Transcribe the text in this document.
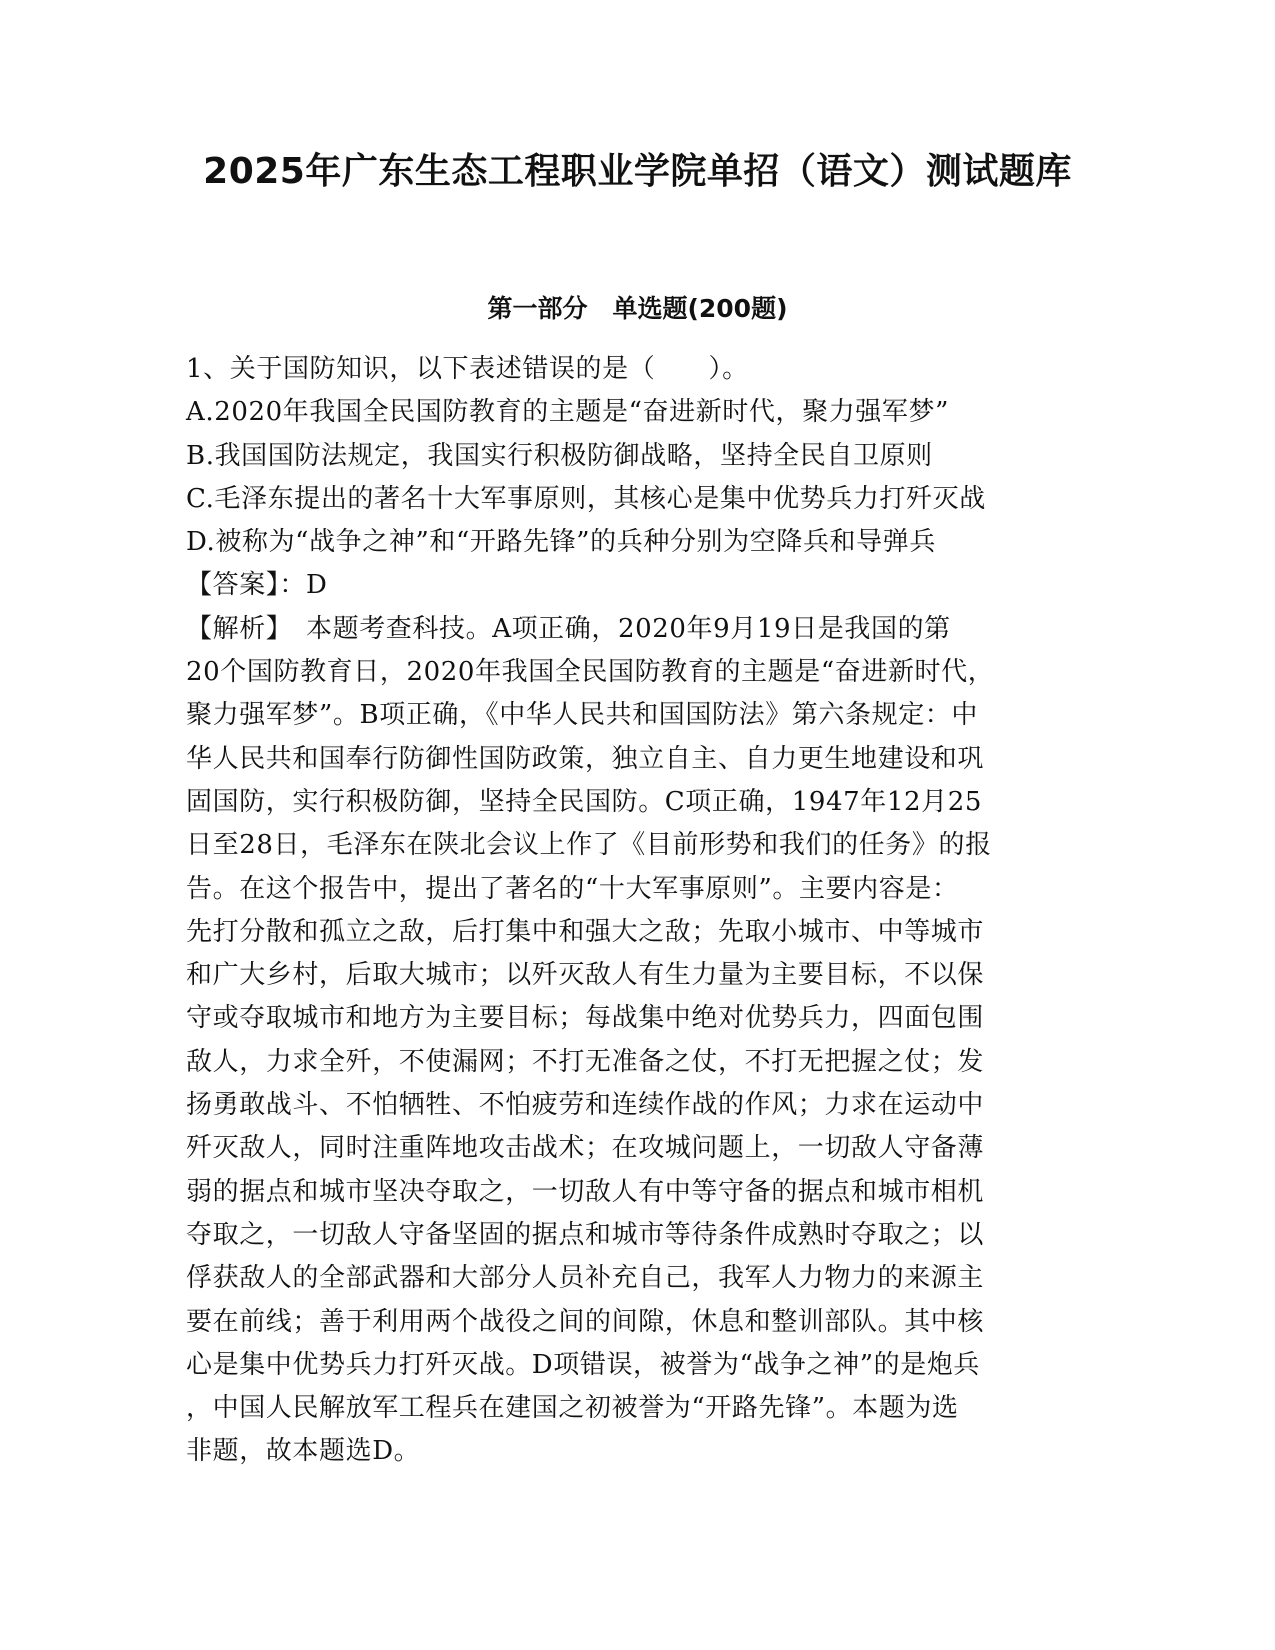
2025年广东生态工程职业学院单招（语文）测试题库
第一部分　单选题(200题)
1、关于国防知识，以下表述错误的是（　　）。
A.2020年我国全民国防教育的主题是“奋进新时代，聚力强军梦”
B.我国国防法规定，我国实行积极防御战略，坚持全民自卫原则
C.毛泽东提出的著名十大军事原则，其核心是集中优势兵力打歼灭战
D.被称为“战争之神”和“开路先锋”的兵种分别为空降兵和导弹兵
【答案】：D
【解析】　本题考查科技。A项正确，2020年9月19日是我国的第
20个国防教育日，2020年我国全民国防教育的主题是“奋进新时代，
聚力强军梦”。B项正确，《中华人民共和国国防法》第六条规定：中
华人民共和国奉行防御性国防政策，独立自主、自力更生地建设和巩
固国防，实行积极防御，坚持全民国防。C项正确，1947年12月25
日至28日，毛泽东在陕北会议上作了《目前形势和我们的任务》的报
告。在这个报告中，提出了著名的“十大军事原则”。主要内容是：
先打分散和孤立之敌，后打集中和强大之敌；先取小城市、中等城市
和广大乡村，后取大城市；以歼灭敌人有生力量为主要目标，不以保
守或夺取城市和地方为主要目标；每战集中绝对优势兵力，四面包围
敌人，力求全歼，不使漏网；不打无准备之仗，不打无把握之仗；发
扬勇敢战斗、不怕牺牲、不怕疲劳和连续作战的作风；力求在运动中
歼灭敌人，同时注重阵地攻击战术；在攻城问题上，一切敌人守备薄
弱的据点和城市坚决夺取之，一切敌人有中等守备的据点和城市相机
夺取之，一切敌人守备坚固的据点和城市等待条件成熟时夺取之；以
俘获敌人的全部武器和大部分人员补充自己，我军人力物力的来源主
要在前线；善于利用两个战役之间的间隙，休息和整训部队。其中核
心是集中优势兵力打歼灭战。D项错误，被誉为“战争之神”的是炮兵
，中国人民解放军工程兵在建国之初被誉为“开路先锋”。本题为选
非题，故本题选D。
